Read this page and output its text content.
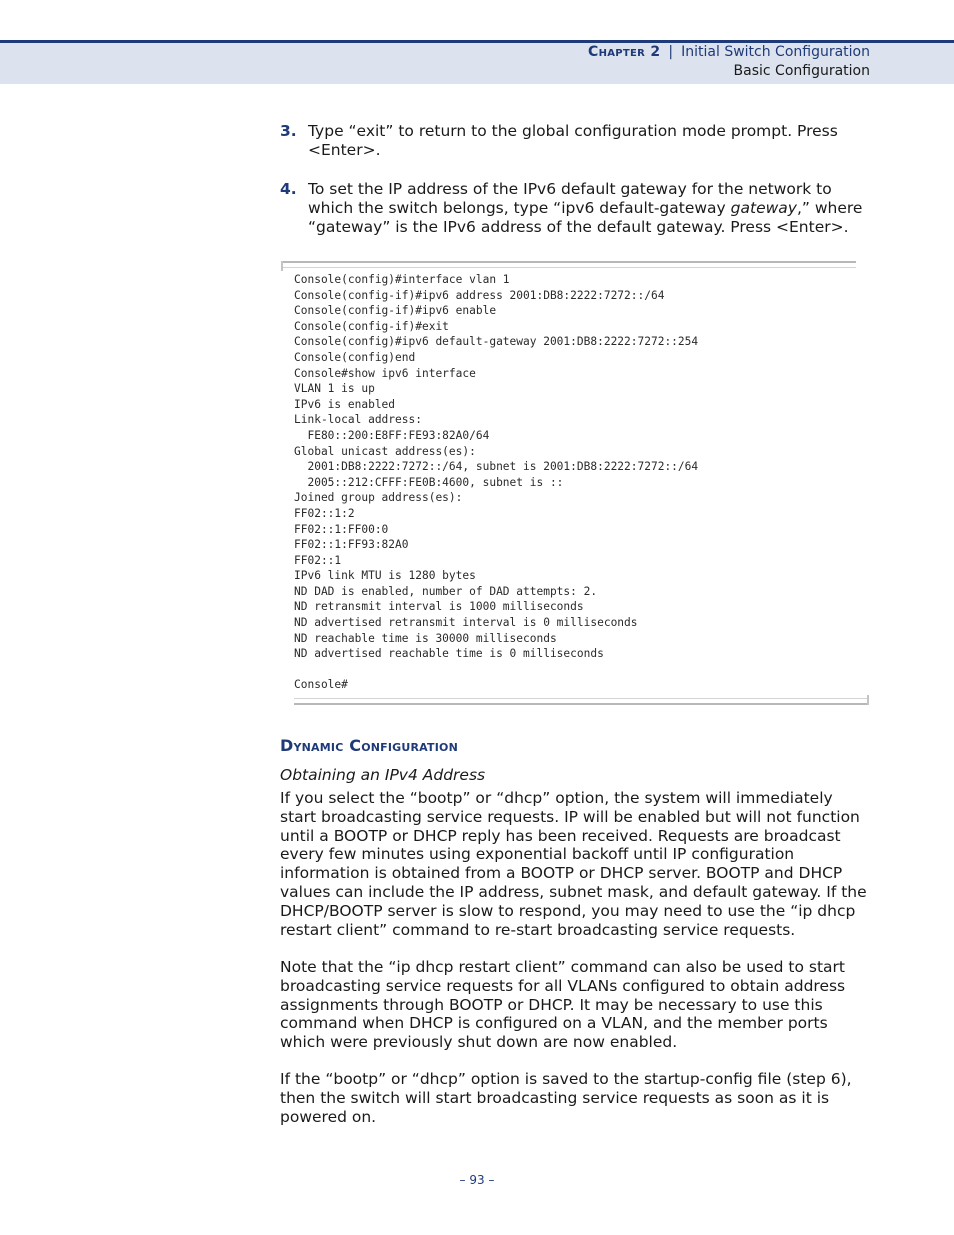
Chapter 2 | Initial Switch Configuration
Basic Configuration
3. Type “exit” to return to the global configuration mode prompt. Press <Enter>.
4. To set the IP address of the IPv6 default gateway for the network to which the switch belongs, type “ipv6 default-gateway gateway,” where “gateway” is the IPv6 address of the default gateway. Press <Enter>.
Console(config)#interface vlan 1
Console(config-if)#ipv6 address 2001:DB8:2222:7272::/64
Console(config-if)#ipv6 enable
Console(config-if)#exit
Console(config)#ipv6 default-gateway 2001:DB8:2222:7272::254
Console(config)end
Console#show ipv6 interface
VLAN 1 is up
IPv6 is enabled
Link-local address:
FE80::200:E8FF:FE93:82A0/64
Global unicast address(es):
2001:DB8:2222:7272::/64, subnet is 2001:DB8:2222:7272::/64
2005::212:CFFF:FE0B:4600, subnet is ::
Joined group address(es):
FF02::1:2
FF02::1:FF00:0
FF02::1:FF93:82A0
FF02::1
IPv6 link MTU is 1280 bytes
ND DAD is enabled, number of DAD attempts: 2.
ND retransmit interval is 1000 milliseconds
ND advertised retransmit interval is 0 milliseconds
ND reachable time is 30000 milliseconds
ND advertised reachable time is 0 milliseconds

Console#
Dynamic Configuration
Obtaining an IPv4 Address

If you select the “bootp” or “dhcp” option, the system will immediately start broadcasting service requests. IP will be enabled but will not function until a BOOTP or DHCP reply has been received. Requests are broadcast every few minutes using exponential backoff until IP configuration information is obtained from a BOOTP or DHCP server. BOOTP and DHCP values can include the IP address, subnet mask, and default gateway. If the DHCP/BOOTP server is slow to respond, you may need to use the “ip dhcp restart client” command to re-start broadcasting service requests.

Note that the “ip dhcp restart client” command can also be used to start broadcasting service requests for all VLANs configured to obtain address assignments through BOOTP or DHCP. It may be necessary to use this command when DHCP is configured on a VLAN, and the member ports which were previously shut down are now enabled.

If the “bootp” or “dhcp” option is saved to the startup-config file (step 6), then the switch will start broadcasting service requests as soon as it is powered on.

– 93 –
